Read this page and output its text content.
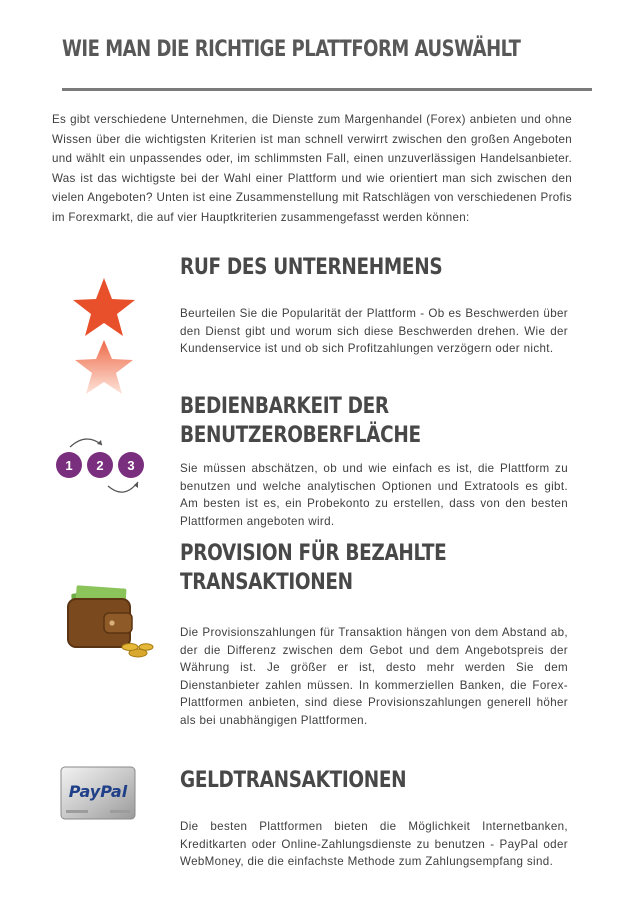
WIE MAN DIE RICHTIGE PLATTFORM AUSWÄHLT

Es gibt verschiedene Unternehmen, die Dienste zum Margenhandel (Forex) anbieten und ohne Wissen über die wichtigsten Kriterien ist man schnell verwirrt zwischen den großen Angeboten und wählt ein unpassendes oder, im schlimmsten Fall, einen unzuverlässigen Handelsanbieter. Was ist das wichtigste bei der Wahl einer Plattform und wie orientiert man sich zwischen den vielen Angeboten? Unten ist eine Zusammenstellung mit Ratschlägen von verschiedenen Profis im Forexmarkt, die auf vier Hauptkriterien zusammengefasst werden können:

RUF DES UNTERNEHMENS

Beurteilen Sie die Popularität der Plattform - Ob es Beschwerden über den Dienst gibt und worum sich diese Beschwerden drehen. Wie der Kundenservice ist und ob sich Profitzahlungen verzögern oder nicht.

1 2 3
BEDIENBARKEIT DER BENUTZEROBERFLÄCHE

Sie müssen abschätzen, ob und wie einfach es ist, die Plattform zu benutzen und welche analytischen Optionen und Extratools es gibt. Am besten ist es, ein Probekonto zu erstellen, dass von den besten Plattformen angeboten wird.

PROVISION FÜR BEZAHLTE TRANSAKTIONEN

Die Provisionszahlungen für Transaktion hängen von dem Abstand ab, der die Differenz zwischen dem Gebot und dem Angebotspreis der Währung ist. Je größer er ist, desto mehr werden Sie dem Dienstanbieter zahlen müssen. In kommerziellen Banken, die Forex-Plattformen anbieten, sind diese Provisionszahlungen generell höher als bei unabhängigen Plattformen.

PayPal GELDTRANSAKTIONEN

Die besten Plattformen bieten die Möglichkeit Internetbanken, Kreditkarten oder Online-Zahlungsdienste zu benutzen - PayPal oder WebMoney, die die einfachste Methode zum Zahlungsempfang sind.
